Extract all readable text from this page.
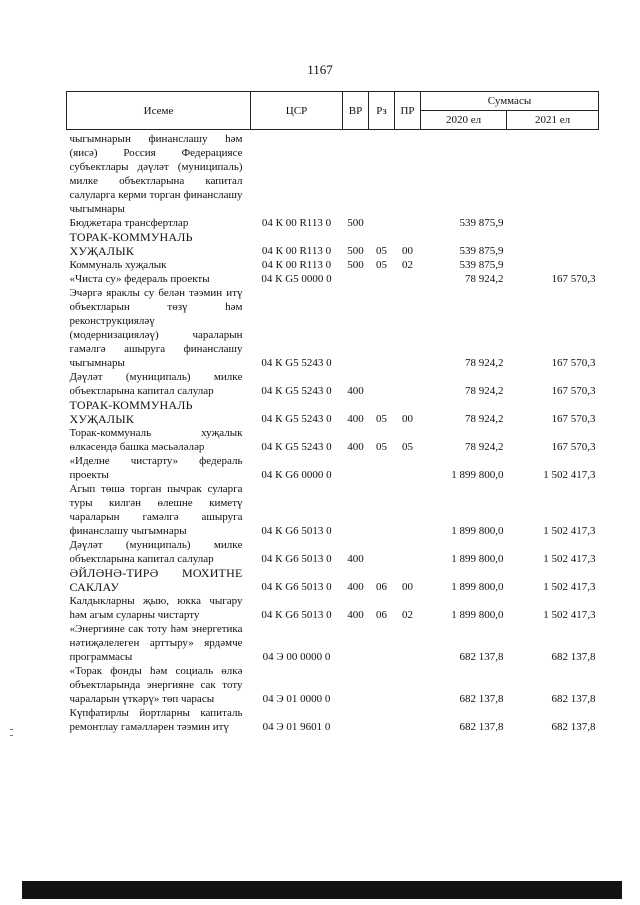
1167
Исеме	ЦСР	ВР	Рз	ПР	Суммасы	
					2020 ел	2021 ел
чыгымнарын финанслашу һәм (яисә) Россия Федерациясе субъектлары дәүләт (муниципаль) милкe объектларына капитал салуларга керми торган финанслашу чыгымнары						
Бюджетара трансфертлар	04 К 00 R113 0	500			539 875,9	
ТОРАК-КОММУНАЛЬ ХУҖАЛЫК	04 К 00 R113 0	500	05	00	539 875,9	
Коммуналь хуҗалык	04 К 00 R113 0	500	05	02	539 875,9	
«Чиста су» федераль проекты	04 К G5 0000 0				78 924,2	167 570,3
Эчәргә яраклы су белән тәэмин итү объектларын төзү һәм реконструкцияләү (модернизацияләү) чараларын гамәлгә ашыруга финанслашу чыгымнары	04 К G5 5243 0				78 924,2	167 570,3
Дәүләт (муниципаль) милкe объектларына капитал салулар	04 К G5 5243 0	400			78 924,2	167 570,3
ТОРАК-КОММУНАЛЬ ХУҖАЛЫК	04 К G5 5243 0	400	05	00	78 924,2	167 570,3
Торак-коммуналь хуҗалык өлкәсендә башка мәсьәләләр	04 К G5 5243 0	400	05	05	78 924,2	167 570,3
«Иделне чистарту» федераль проекты	04 К G6 0000 0				1 899 800,0	1 502 417,3
Агып төшә торган пычрак суларга туры килгән өлешне киметү чараларын гамәлгә ашыруга финанслашу чыгымнары	04 К G6 5013 0				1 899 800,0	1 502 417,3
Дәүләт (муниципаль) милкe объектларына капитал салулар	04 К G6 5013 0	400			1 899 800,0	1 502 417,3
ӘЙЛӘНӘ-ТИРӘ МОХИТНЕ САКЛАУ	04 К G6 5013 0	400	06	00	1 899 800,0	1 502 417,3
Калдыкларны җыю, юкка чыгару һәм агым суларны чистарту	04 К G6 5013 0	400	06	02	1 899 800,0	1 502 417,3
«Энергияне сак тоту һәм энергетика нәтиҗәлелеген арттыру» ярдәмче программасы	04 Э 00 0000 0				682 137,8	682 137,8
«Торак фонды һәм социаль өлкә объектларында энергияне сак тоту чараларын үткәрү» төп чарасы	04 Э 01 0000 0				682 137,8	682 137,8
Күпфатирлы йортларны капиталь ремонтлау гамәлләрен тәэмин итү	04 Э 01 9601 0				682 137,8	682 137,8
